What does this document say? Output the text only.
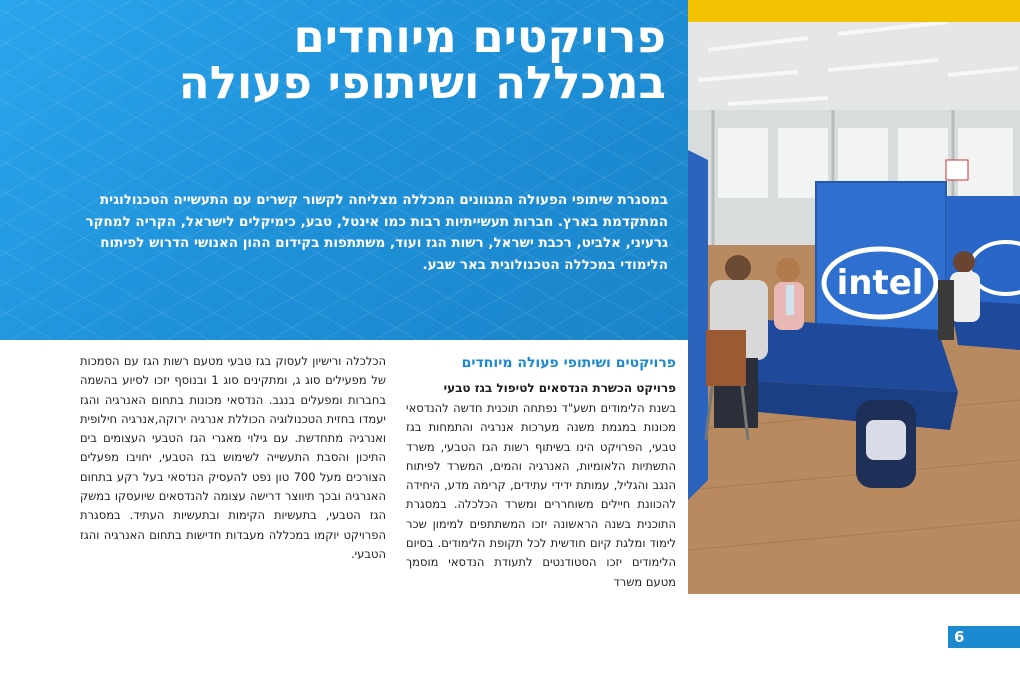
פרויקטים מיוחדים
במכללה ושיתופי פעולה

במסגרת שיתופי הפעולה המגוונים המכללה מצליחה לקשור קשרים עם התעשייה הטכנולוגית המתקדמת בארץ. חברות תעשייתיות רבות כמו אינטל, טבע, כימיקלים לישראל, הקריה למחקר גרעיני, אלביט, רכבת ישראל, רשות הגז ועוד, משתתפות בקידום ההון האנושי הדרוש לפיתוח הלימודי במכללה הטכנולוגית באר שבע.	intel
פרויקטים ושיתופי פעולה מיוחדים
פרויקט הכשרת הנדסאים לטיפול בגז טבעי

בשנת הלימודים תשע"ד נפתחה תוכנית חדשה להנדסאי מכונות במגמת משנה מערכות אנרגיה והתמחות בגז טבעי, הפרויקט הינו בשיתוף רשות הגז הטבעי, משרד התשתיות הלאומיות, האנרגיה והמים, המשרד לפיתוח הנגב והגליל, עמותת ידידי עתידים, קרימה מדע, היחידה להכוונת חיילים משוחררים ומשרד הכלכלה. במסגרת התוכנית בשנה הראשונה יזכו המשתתפים למימון שכר לימוד ומלגת קיום חודשית לכל תקופת הלימודים. בסיום הלימודים יזכו הסטודנטים לתעודת הנדסאי מוסמך מטעם משרד

הכלכלה ורישיון לעסוק בגז טבעי מטעם רשות הגז עם הסמכות של מפעילים סוג ג, ומתקינים סוג 1 ובנוסף יזכו לסיוע בהשמה בחברות ומפעלים בנגב. הנדסאי מכונות בתחום האנרגיה והגז יעמדו בחזית הטכנולוגיה הכוללת אנרגיה ירוקה,אנרגיה חילופית ואנרגיה מתחדשת. עם גילוי מאגרי הגז הטבעי העצומים בים התיכון והסבת התעשייה לשימוש בגז הטבעי, יחויבו מפעלים הצורכים מעל 700 טון נפט להעסיק הנדסאי בעל רקע בתחום האנרגיה ובכך תיווצר דרישה עצומה להנדסאים שיועסקו במשק הגז הטבעי, בתעשיות הקימות ובתעשיות העתיד. במסגרת הפרויקט יוקמו במכללה מעבדות חדישות בתחום האנרגיה והגז הטבעי.

6
